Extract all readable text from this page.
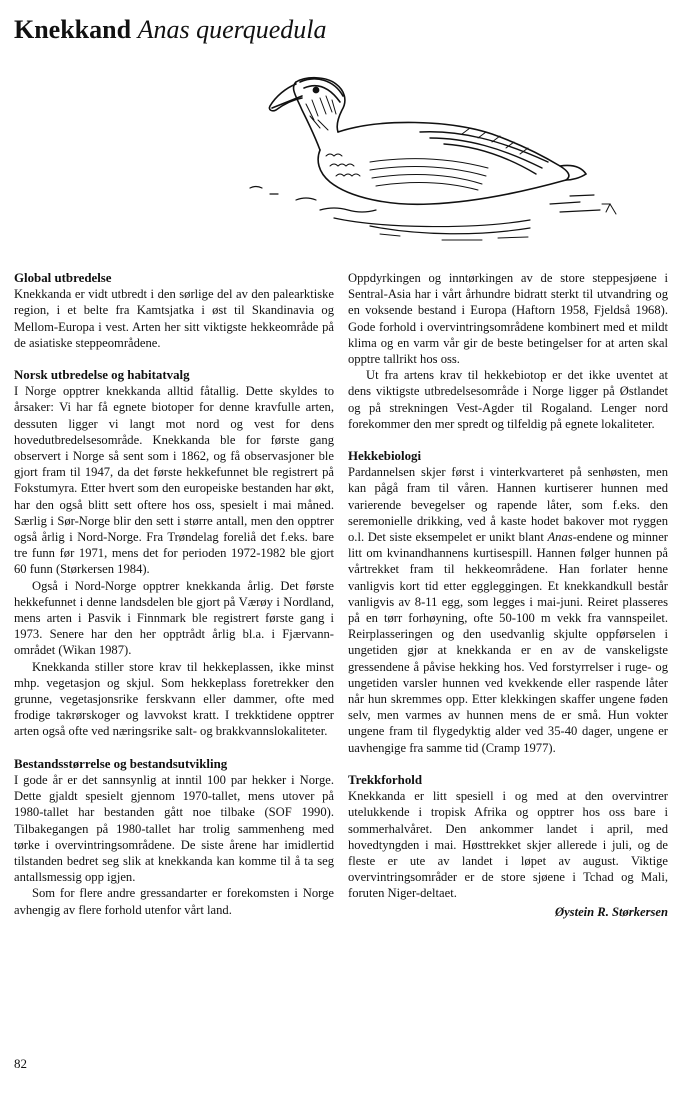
Knekkand Anas querquedula
Global utbredelse

Knekkanda er vidt utbredt i den sørlige del av den palearktiske region, i et belte fra Kamtsjatka i øst til Skandinavia og Mellom-Europa i vest. Arten her sitt viktigste hekkeområde på de asiatiske steppeområdene.

Norsk utbredelse og habitatvalg

I Norge opptrer knekkanda alltid fåtallig. Dette skyldes to årsaker: Vi har få egnete biotoper for denne kravfulle arten, dessuten ligger vi langt mot nord og vest for dens hovedutbredelsesområde. Knekkanda ble for første gang observert i Norge så sent som i 1862, og få observasjoner ble gjort fram til 1947, da det første hekkefunnet ble registrert på Fokstumyra. Etter hvert som den europeiske bestanden har økt, har den også blitt sett oftere hos oss, spesielt i mai måned. Særlig i Sør-Norge blir den sett i større antall, men den opptrer også årlig i Nord-Norge. Fra Trøndelag foreliå det f.eks. bare tre funn før 1971, mens det for perioden 1972-1982 ble gjort 60 funn (Størkersen 1984).

Også i Nord-Norge opptrer knekkanda årlig. Det første hekkefunnet i denne landsdelen ble gjort på Værøy i Nordland, mens arten i Pasvik i Finnmark ble registrert første gang i 1973. Senere har den her opptrådt årlig bl.a. i Fjærvann-området (Wikan 1987).

Knekkanda stiller store krav til hekkeplassen, ikke minst mhp. vegetasjon og skjul. Som hekkeplass foretrekker den grunne, vegetasjonsrike ferskvann eller dammer, ofte med frodige takrørskoger og lavvokst kratt. I trekktidene opptrer arten også ofte ved næringsrike salt- og brakkvannslokaliteter.

Bestandsstørrelse og bestandsutvikling

I gode år er det sannsynlig at inntil 100 par hekker i Norge. Dette gjaldt spesielt gjennom 1970-tallet, mens utover på 1980-tallet har bestanden gått noe tilbake (SOF 1990). Tilbakegangen på 1980-tallet har trolig sammenheng med tørke i overvintringsområdene. De siste årene har imidlertid tilstanden bedret seg slik at knekkanda kan komme til å ta seg antallsmessig opp igjen.

Som for flere andre gressandarter er forekomsten i Norge avhengig av flere forhold utenfor vårt land.

Oppdyrkingen og inntørkingen av de store steppesjøene i Sentral-Asia har i vårt århundre bidratt sterkt til utvandring og en voksende bestand i Europa (Haftorn 1958, Fjeldså 1968). Gode forhold i overvintringsområdene kombinert med et mildt klima og en varm vår gir de beste betingelser for at arten skal opptre tallrikt hos oss.

Ut fra artens krav til hekkebiotop er det ikke uventet at dens viktigste utbredelsesområde i Norge ligger på Østlandet og på strekningen Vest-Agder til Rogaland. Lenger nord forekommer den mer spredt og tilfeldig på egnete lokaliteter.

Hekkebiologi

Pardannelsen skjer først i vinterkvarteret på senhøsten, men kan pågå fram til våren. Hannen kurtiserer hunnen med varierende bevegelser og rapende låter, som f.eks. den seremonielle drikking, ved å kaste hodet bakover mot ryggen o.l. Det siste eksempelet er unikt blant Anas-endene og minner litt om kvinandhannens kurtisespill. Hannen følger hunnen på vårtrekket fram til hekkeområdene. Han forlater henne vanligvis kort tid etter eggleggingen. Et knekkandkull består vanligvis av 8-11 egg, som legges i mai-juni. Reiret plasseres på en tørr forhøyning, ofte 50-100 m vekk fra vannspeilet. Reirplasseringen og den usedvanlig skjulte oppførselen i ungetiden gjør at knekkanda er en av de vanskeligste gressendene å påvise hekking hos. Ved forstyrrelser i ruge- og ungetiden varsler hunnen ved kvekkende eller raspende låter når hun skremmes opp. Etter klekkingen skaffer ungene føden selv, men varmes av hunnen mens de er små. Hun vokter ungene fram til flygedyktig alder ved 35-40 dager, ungene er uavhengige fra samme tid (Cramp 1977).

Trekkforhold

Knekkanda er litt spesiell i og med at den overvintrer utelukkende i tropisk Afrika og opptrer hos oss bare i sommerhalvåret. Den ankommer landet i april, med hovedtyngden i mai. Høsttrekket skjer allerede i juli, og de fleste er ute av landet i løpet av august. Viktige overvintringsområder er de store sjøene i Tchad og Mali, foruten Niger-deltaet.

Øystein R. Størkersen
82
